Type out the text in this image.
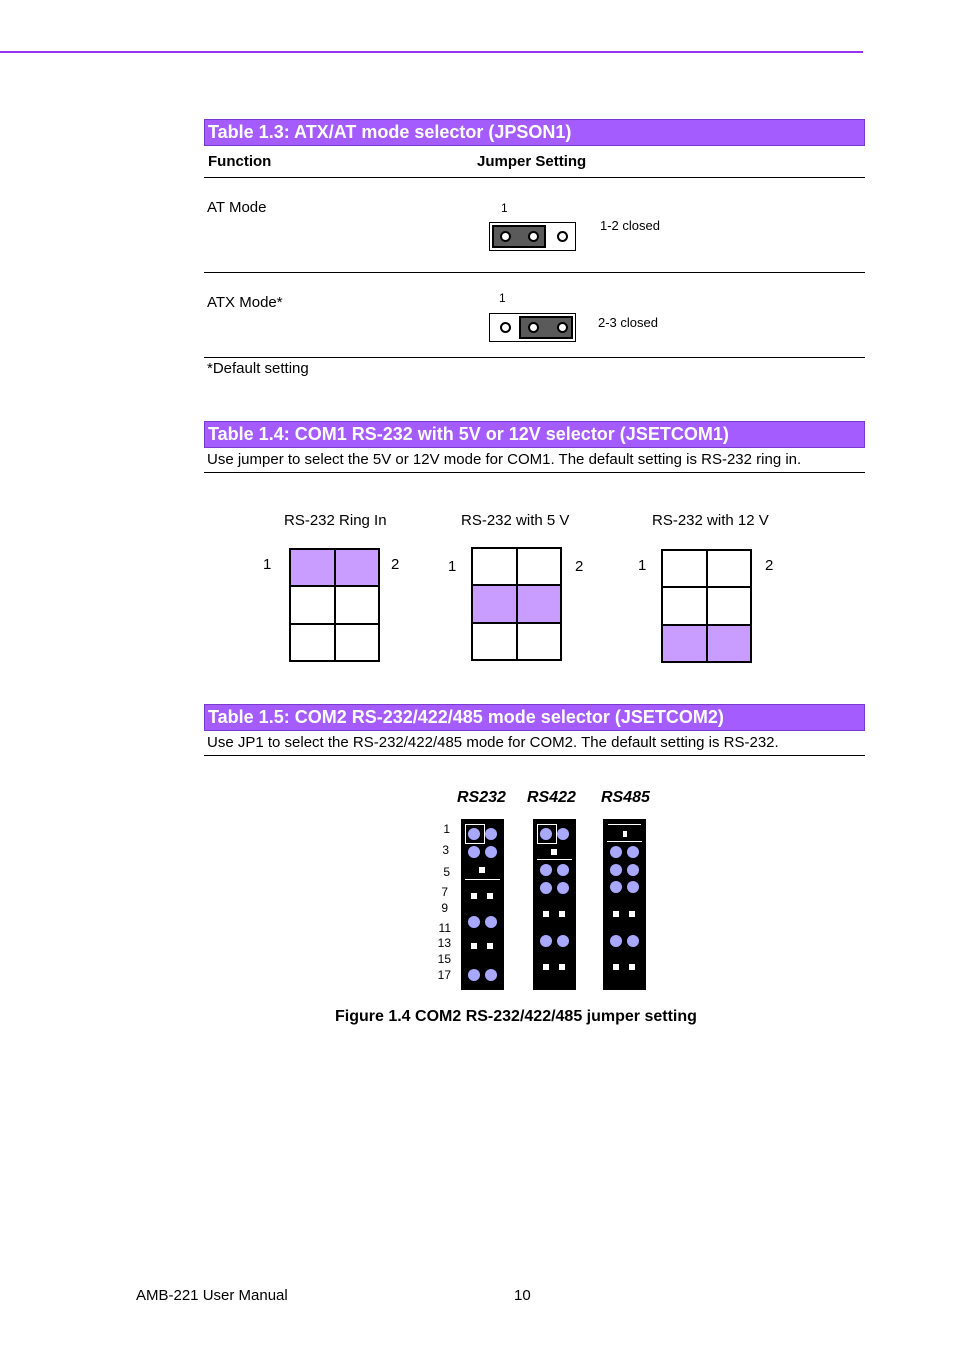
Table 1.3: ATX/AT mode selector (JPSON1)
Function	Jumper Setting
AT Mode	1
1-2 closed
ATX Mode*	1
2-3 closed
*Default setting
Table 1.4: COM1 RS-232 with 5V or 12V selector (JSETCOM1)
Use jumper to select the 5V or 12V mode for COM1. The default setting is RS-232 ring in.
RS-232 Ring In
1	2
RS-232 with 5 V
1	2
RS-232 with 12 V
1	2
Table 1.5: COM2 RS-232/422/485 mode selector (JSETCOM2)
Use JP1 to select the RS-232/422/485 mode for COM2. The default setting is RS-232.
RS232 RS422 RS485
1
3
5
7
9
11
13
15
17
Figure 1.4 COM2 RS-232/422/485 jumper setting
AMB-221 User Manual	10
